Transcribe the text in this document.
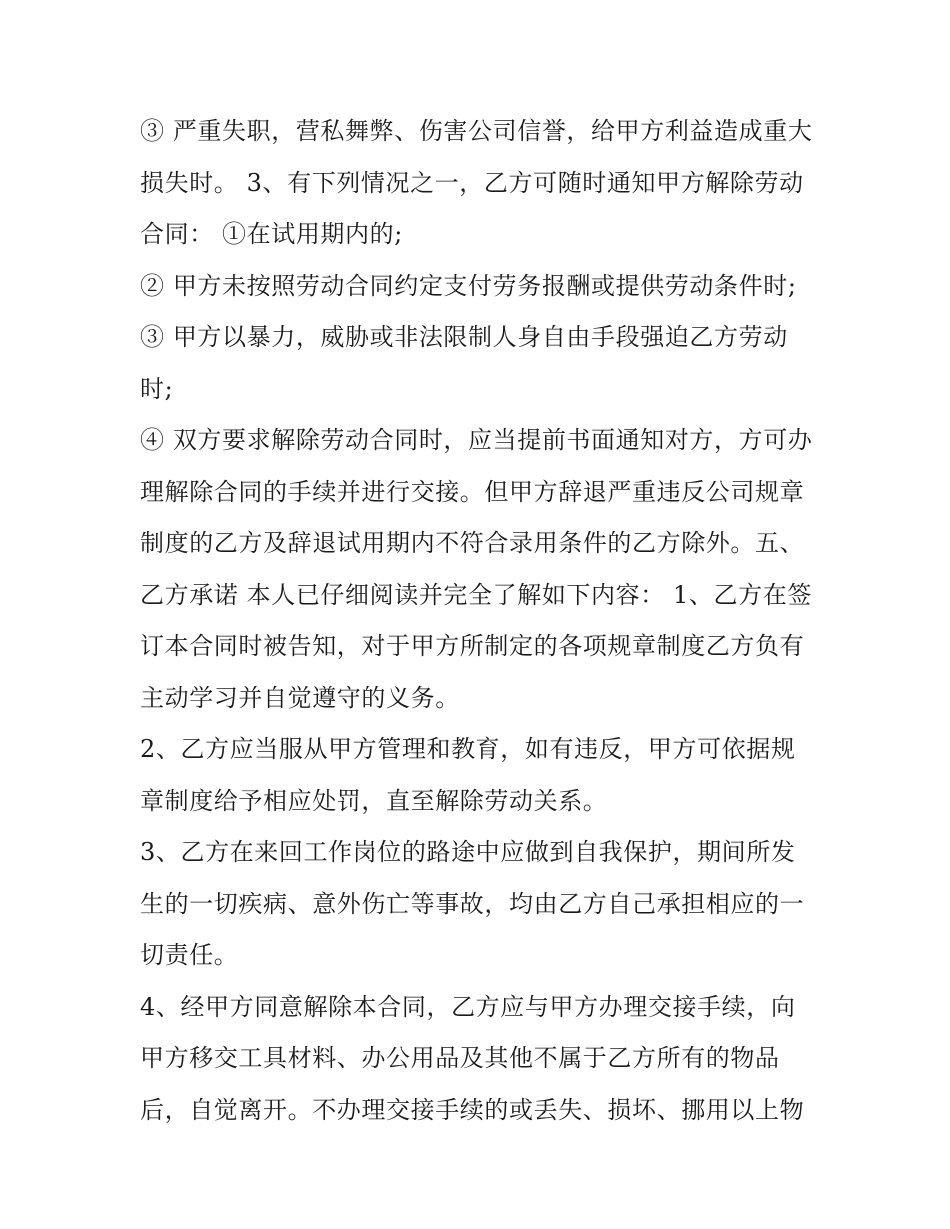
③ 严重失职，营私舞弊、伤害公司信誉，给甲方利益造成重大损失时。 3、有下列情况之一，乙方可随时通知甲方解除劳动合同： ①在试用期内的;

② 甲方未按照劳动合同约定支付劳务报酬或提供劳动条件时;

③ 甲方以暴力，威胁或非法限制人身自由手段强迫乙方劳动时;

④ 双方要求解除劳动合同时，应当提前书面通知对方，方可办理解除合同的手续并进行交接。但甲方辞退严重违反公司规章制度的乙方及辞退试用期内不符合录用条件的乙方除外。五、乙方承诺 本人已仔细阅读并完全了解如下内容： 1、乙方在签订本合同时被告知，对于甲方所制定的各项规章制度乙方负有主动学习并自觉遵守的义务。

2、乙方应当服从甲方管理和教育，如有违反，甲方可依据规章制度给予相应处罚，直至解除劳动关系。

3、乙方在来回工作岗位的路途中应做到自我保护，期间所发生的一切疾病、意外伤亡等事故，均由乙方自己承担相应的一切责任。

4、经甲方同意解除本合同，乙方应与甲方办理交接手续，向甲方移交工具材料、办公用品及其他不属于乙方所有的物品后，自觉离开。不办理交接手续的或丢失、损坏、挪用以上物
